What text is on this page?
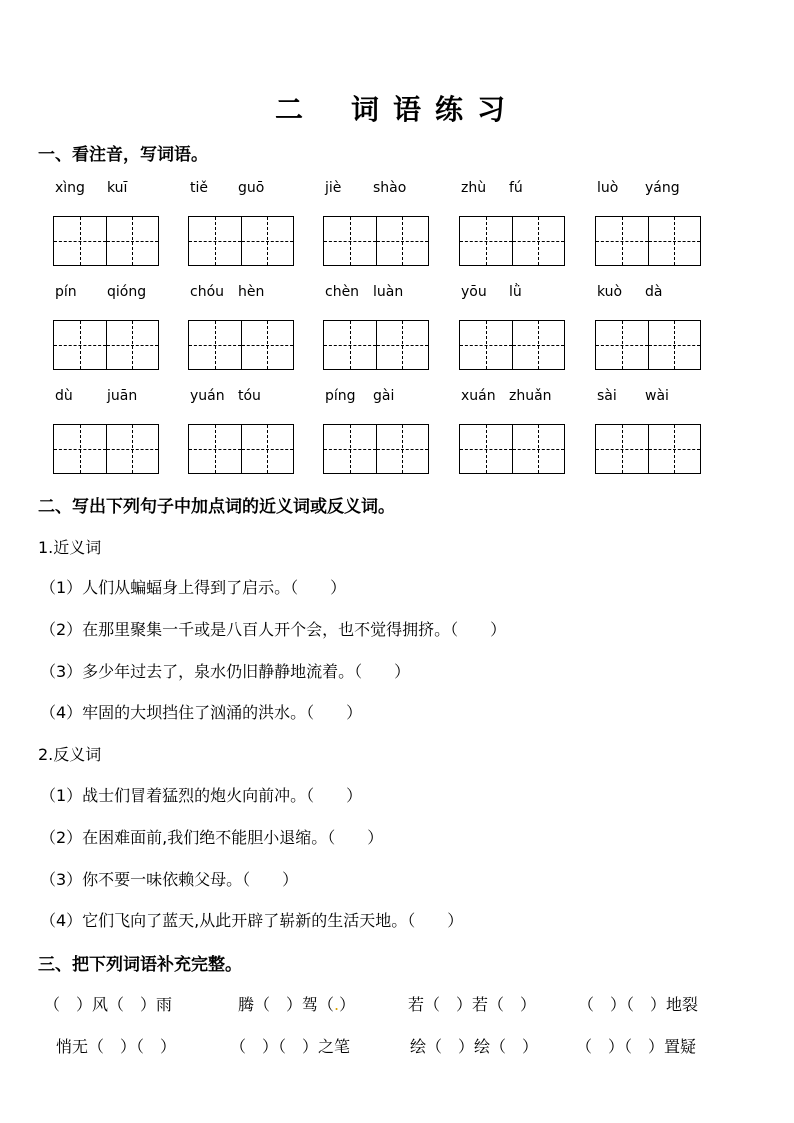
二 词语练习
一、看注音，写词语。
xìng kuī	tiě guō	jiè shào	zhù fú	luò yáng
pín qióng	chóu hèn	chèn luàn	yōu lǜ	kuò dà
dù juān	yuán tóu	píng gài	xuán zhuǎn	sài wài
二、写出下列句子中加点词的近义词或反义词。
1.近义词
（1）人们从蝙蝠身上得到了启示。（　　）
（2）在那里聚集一千或是八百人开个会，也不觉得拥挤。（　　）
（3）多少年过去了，泉水仍旧静静地流着。（　　）
（4）牢固的大坝挡住了汹涌的洪水。（　　）
2.反义词
（1）战士们冒着猛烈的炮火向前冲。（　　）
（2）在困难面前,我们绝不能胆小退缩。（　　）
（3）你不要一味依赖父母。（　　）
（4）它们飞向了蓝天,从此开辟了崭新的生活天地。（　　）
三、把下列词语补充完整。
（　）风（　）雨	腾（　）驾（.）	若（　）若（　）	（　）（　）地裂
悄无（　）（　）	（　）（　）之笔	绘（　）绘（　） （　）（　）置疑
